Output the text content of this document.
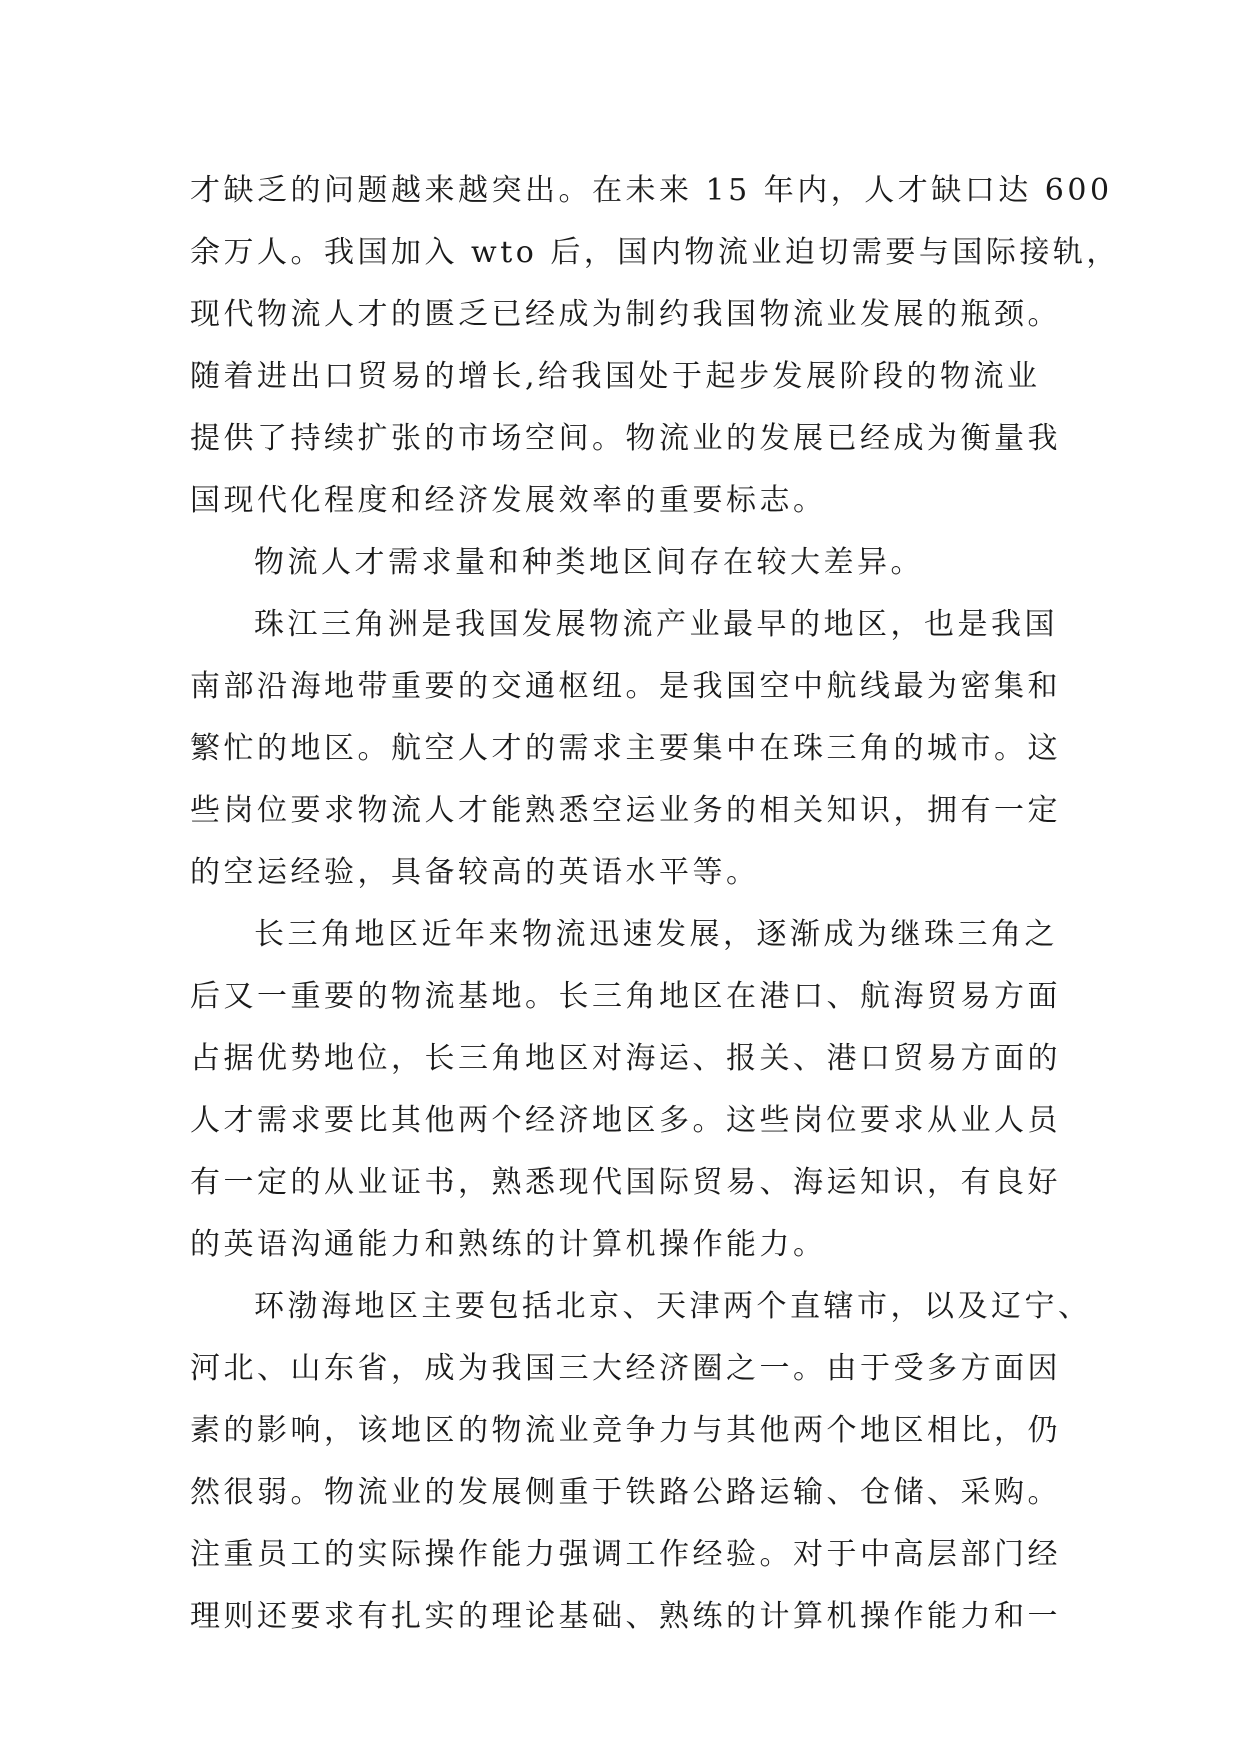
才缺乏的问题越来越突出。在未来 15 年内，人才缺口达 600
余万人。我国加入 wto 后，国内物流业迫切需要与国际接轨，
现代物流人才的匮乏已经成为制约我国物流业发展的瓶颈。
随着进出口贸易的增长,给我国处于起步发展阶段的物流业
提供了持续扩张的市场空间。物流业的发展已经成为衡量我
国现代化程度和经济发展效率的重要标志。
物流人才需求量和种类地区间存在较大差异。
珠江三角洲是我国发展物流产业最早的地区，也是我国
南部沿海地带重要的交通枢纽。是我国空中航线最为密集和
繁忙的地区。航空人才的需求主要集中在珠三角的城市。这
些岗位要求物流人才能熟悉空运业务的相关知识，拥有一定
的空运经验，具备较高的英语水平等。
长三角地区近年来物流迅速发展，逐渐成为继珠三角之
后又一重要的物流基地。长三角地区在港口、航海贸易方面
占据优势地位，长三角地区对海运、报关、港口贸易方面的
人才需求要比其他两个经济地区多。这些岗位要求从业人员
有一定的从业证书，熟悉现代国际贸易、海运知识，有良好
的英语沟通能力和熟练的计算机操作能力。
环渤海地区主要包括北京、天津两个直辖市，以及辽宁、
河北、山东省，成为我国三大经济圈之一。由于受多方面因
素的影响，该地区的物流业竞争力与其他两个地区相比，仍
然很弱。物流业的发展侧重于铁路公路运输、仓储、采购。
注重员工的实际操作能力强调工作经验。对于中高层部门经
理则还要求有扎实的理论基础、熟练的计算机操作能力和一
